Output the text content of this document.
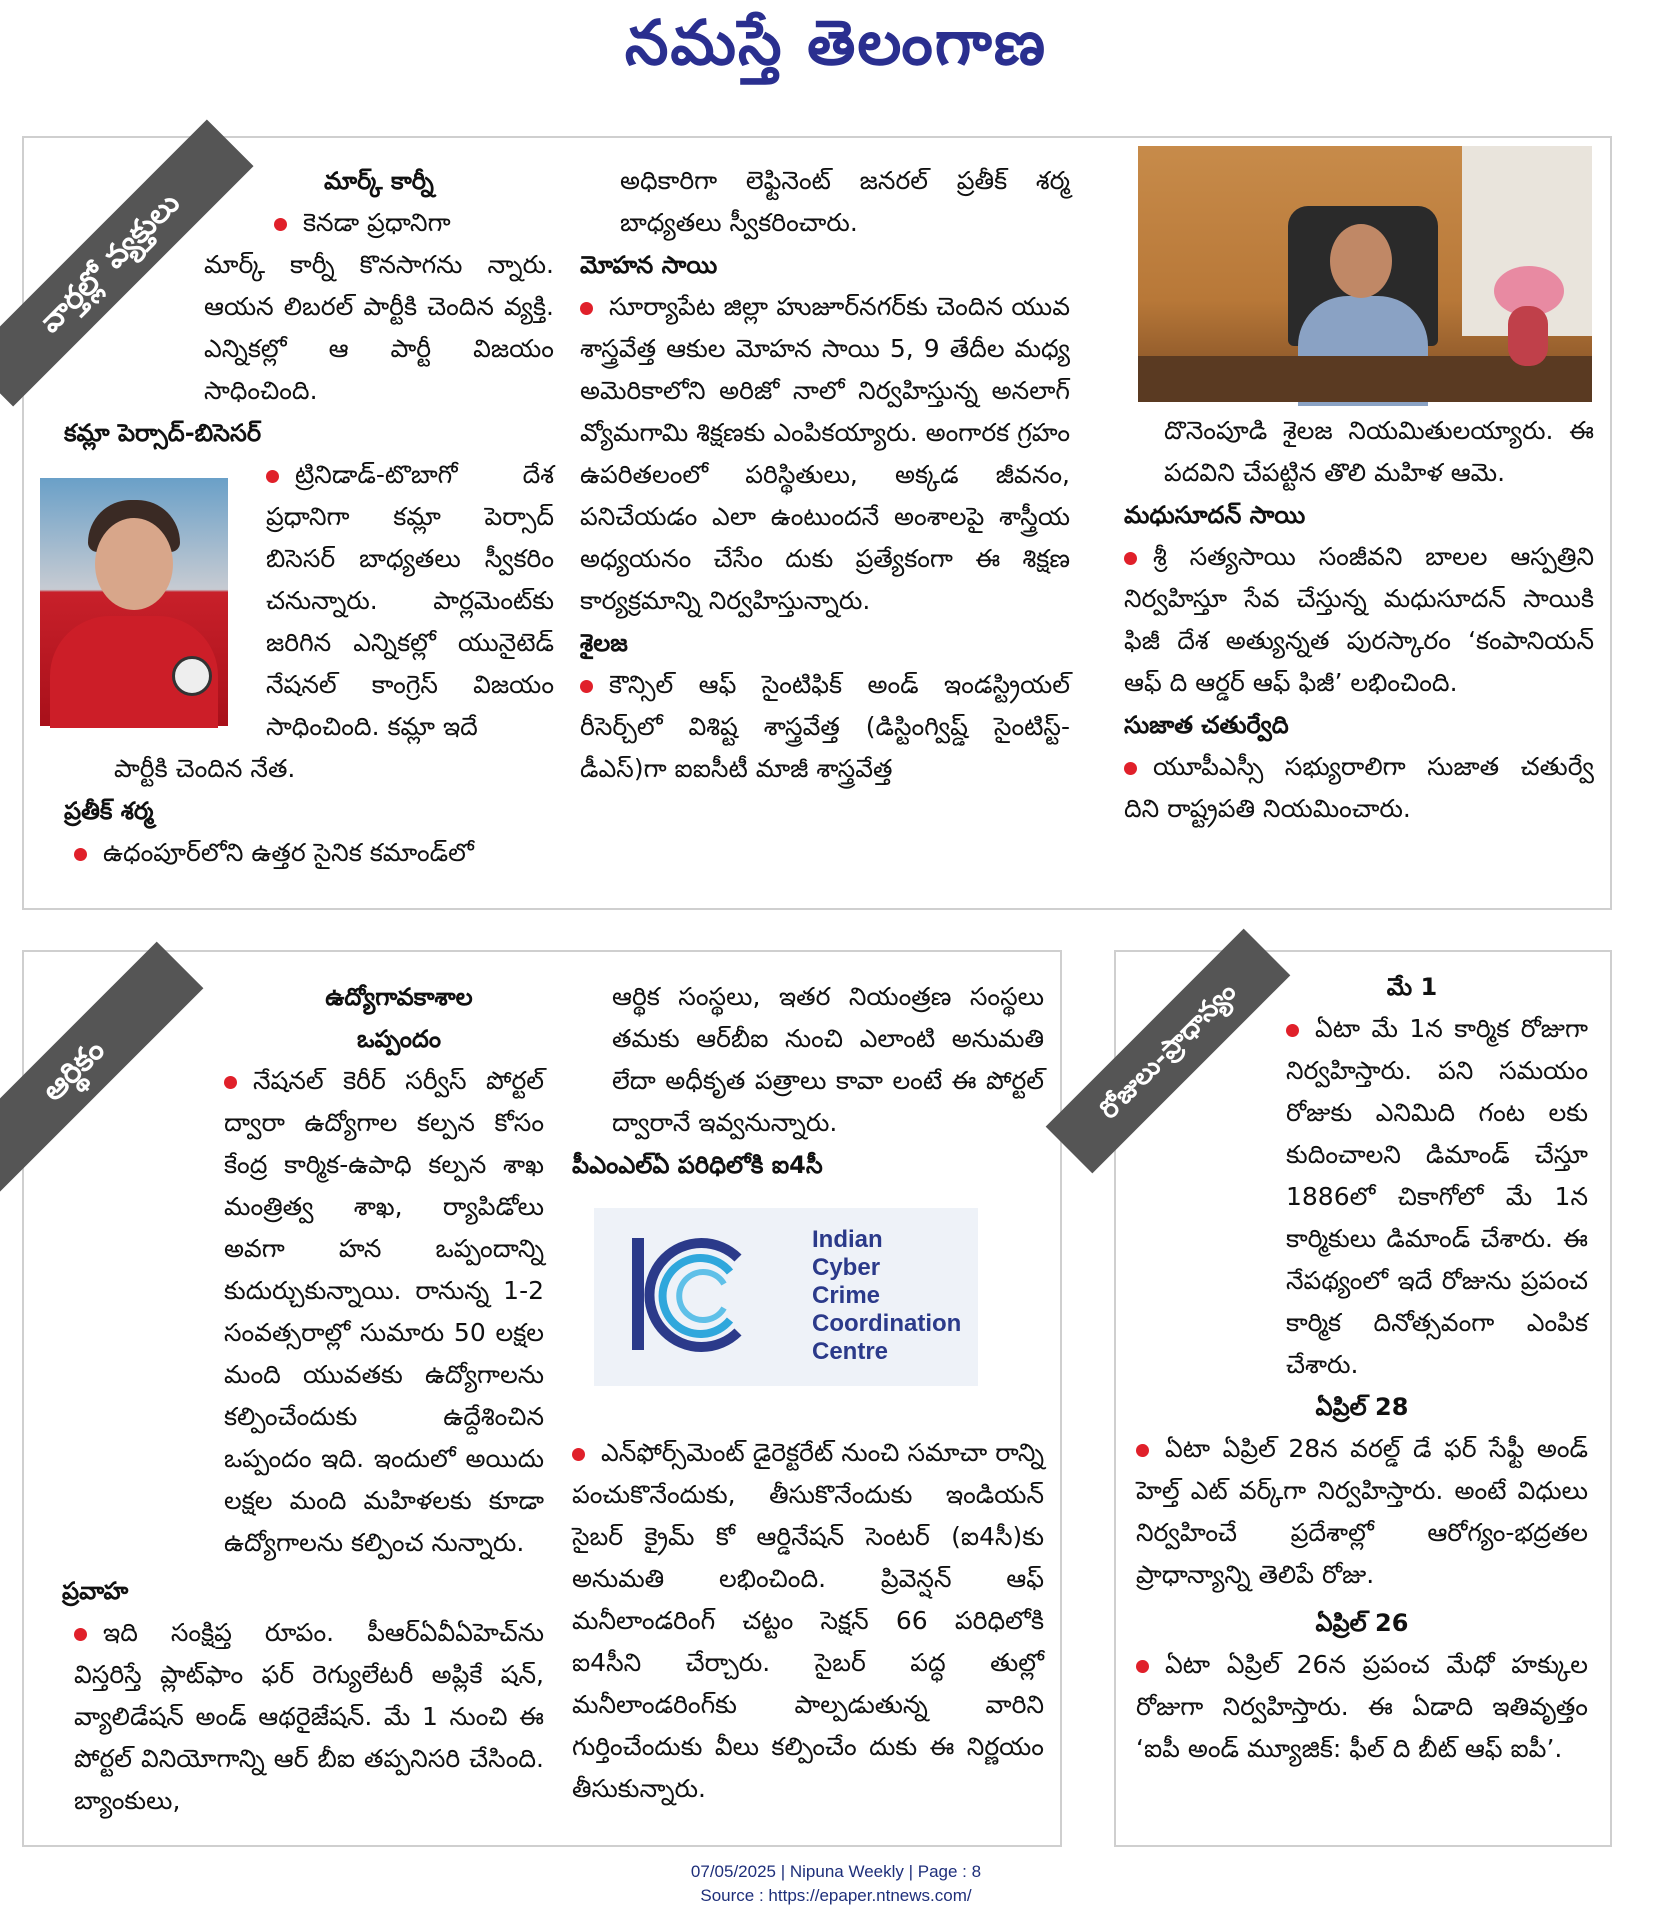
నమస్తే తెలంగాణ
వార్తల్లో వ్యక్తులు

మార్క్ కార్నీ

కెనడా ప్రధానిగా

మార్క్ కార్నీ కొనసాగను న్నారు. ఆయన లిబరల్ పార్టీకి చెందిన వ్యక్తి. ఎన్నికల్లో ఆ పార్టీ విజయం సాధించింది.

కమ్లా పెర్సాద్-బిసెసర్

ట్రినిడాడ్-టొబాగో దేశ ప్రధానిగా కమ్లా పెర్సాద్ బిసెసర్ బాధ్యతలు స్వీకరిం చనున్నారు. పార్లమెంట్‌కు జరిగిన ఎన్నికల్లో యునైటెడ్ నేషనల్ కాంగ్రెస్ విజయం సాధించింది. కమ్లా ఇదే

పార్టీకి చెందిన నేత.

ప్రతీక్ శర్మ

ఉధంపూర్‌లోని ఉత్తర సైనిక కమాండ్‌లో

అధికారిగా లెఫ్టినెంట్ జనరల్ ప్రతీక్ శర్మ బాధ్యతలు స్వీకరించారు.

మోహన సాయి

సూర్యాపేట జిల్లా హుజూర్‌నగర్‌కు చెందిన యువ శాస్త్రవేత్త ఆకుల మోహన సాయి 5, 9 తేదీల మధ్య అమెరికాలోని అరిజో నాలో నిర్వహిస్తున్న అనలాగ్ వ్యోమగామి శిక్షణకు ఎంపికయ్యారు. అంగారక గ్రహం ఉపరితలంలో పరిస్థితులు, అక్కడ జీవనం, పనిచేయడం ఎలా ఉంటుందనే అంశాలపై శాస్త్రీయ అధ్యయనం చేసేం దుకు ప్రత్యేకంగా ఈ శిక్షణ కార్యక్రమాన్ని నిర్వహిస్తున్నారు.

శైలజ

కౌన్సిల్ ఆఫ్ సైంటిఫిక్ అండ్ ఇండస్ట్రియల్ రీసెర్చ్‌లో విశిష్ట శాస్త్రవేత్త (డిస్టింగ్విష్డ్ సైంటిస్ట్-డీఎస్)గా ఐఐసీటీ మాజీ శాస్త్రవేత్త

దొనెంపూడి శైలజ నియమితులయ్యారు. ఈ పదవిని చేపట్టిన తొలి మహిళ ఆమె.

మధుసూదన్ సాయి

శ్రీ సత్యసాయి సంజీవని బాలల ఆస్పత్రిని నిర్వహిస్తూ సేవ చేస్తున్న మధుసూదన్ సాయికి ఫిజీ దేశ అత్యున్నత పురస్కారం ‘కంపానియన్ ఆఫ్ ది ఆర్డర్ ఆఫ్ ఫిజీ’ లభించింది.

సుజాత చతుర్వేది

యూపీఎస్సీ సభ్యురాలిగా సుజాత చతుర్వే దిని రాష్ట్రపతి నియమించారు.

ఆర్థికం

ఉద్యోగావకాశాల

ఒప్పందం

నేషనల్ కెరీర్ సర్వీస్ పోర్టల్ ద్వారా ఉద్యోగాల కల్పన కోసం కేంద్ర కార్మిక-ఉపాధి కల్పన శాఖ మంత్రిత్వ శాఖ, ర్యాపిడోలు అవగా హన ఒప్పందాన్ని కుదుర్చుకున్నాయి. రానున్న 1-2 సంవత్సరాల్లో సుమారు 50 లక్షల మంది యువతకు ఉద్యోగాలను కల్పించేందుకు ఉద్దేశించిన ఒప్పందం ఇది. ఇందులో అయిదు లక్షల మంది మహిళలకు కూడా ఉద్యోగాలను కల్పించ నున్నారు.

ప్రవాహ

ఇది సంక్షిప్త రూపం. పీఆర్ఏవీఏహెచ్‌ను విస్తరిస్తే ప్లాట్‌ఫాం ఫర్ రెగ్యులేటరీ అప్లికే షన్, వ్యాలిడేషన్ అండ్ ఆథరైజేషన్. మే 1 నుంచి ఈ పోర్టల్ వినియోగాన్ని ఆర్ బీఐ తప్పనిసరి చేసింది. బ్యాంకులు,

ఆర్థిక సంస్థలు, ఇతర నియంత్రణ సంస్థలు తమకు ఆర్‌బీఐ నుంచి ఎలాంటి అనుమతి లేదా అధీకృత పత్రాలు కావా లంటే ఈ పోర్టల్ ద్వారానే ఇవ్వనున్నారు.

పీఎంఎల్ఏ పరిధిలోకి ఐ4సీ

ఎన్‌ఫోర్స్‌మెంట్ డైరెక్టరేట్ నుంచి సమాచా రాన్ని పంచుకొనేందుకు, తీసుకొనేందుకు ఇండియన్ సైబర్ క్రైమ్ కో ఆర్డినేషన్ సెంటర్ (ఐ4సీ)కు అనుమతి లభించింది. ప్రివెన్షన్ ఆఫ్ మనీలాండరింగ్ చట్టం సెక్షన్ 66 పరిధిలోకి ఐ4సీని చేర్చారు. సైబర్ పద్ధ తుల్లో మనీలాండరింగ్‌కు పాల్పడుతున్న వారిని గుర్తించేందుకు వీలు కల్పించేం దుకు ఈ నిర్ణయం తీసుకున్నారు.

Indian
Cyber
Crime
Coordination
Centre
రోజులు-ప్రాధాన్యం	మే 1

ఏటా మే 1న కార్మిక రోజుగా నిర్వహిస్తారు. పని సమయం రోజుకు ఎనిమిది గంట లకు కుదించాలని డిమాండ్ చేస్తూ 1886లో చికాగోలో మే 1న కార్మికులు డిమాండ్ చేశారు. ఈ నేపథ్యంలో ఇదే రోజును ప్రపంచ కార్మిక దినోత్సవంగా ఎంపిక చేశారు.

ఏప్రిల్ 28

ఏటా ఏప్రిల్ 28న వరల్డ్ డే ఫర్ సేఫ్టీ అండ్ హెల్త్ ఎట్ వర్క్‌గా నిర్వహిస్తారు. అంటే విధులు నిర్వహించే ప్రదేశాల్లో ఆరోగ్యం-భద్రతల ప్రాధాన్యాన్ని తెలిపే రోజు.

ఏప్రిల్ 26

ఏటా ఏప్రిల్ 26న ప్రపంచ మేధో హక్కుల రోజుగా నిర్వహిస్తారు. ఈ ఏడాది ఇతివృత్తం ‘ఐపీ అండ్ మ్యూజిక్: ఫీల్ ది బీట్ ఆఫ్ ఐపీ’.

07/05/2025 | Nipuna Weekly | Page : 8
Source : https://epaper.ntnews.com/
